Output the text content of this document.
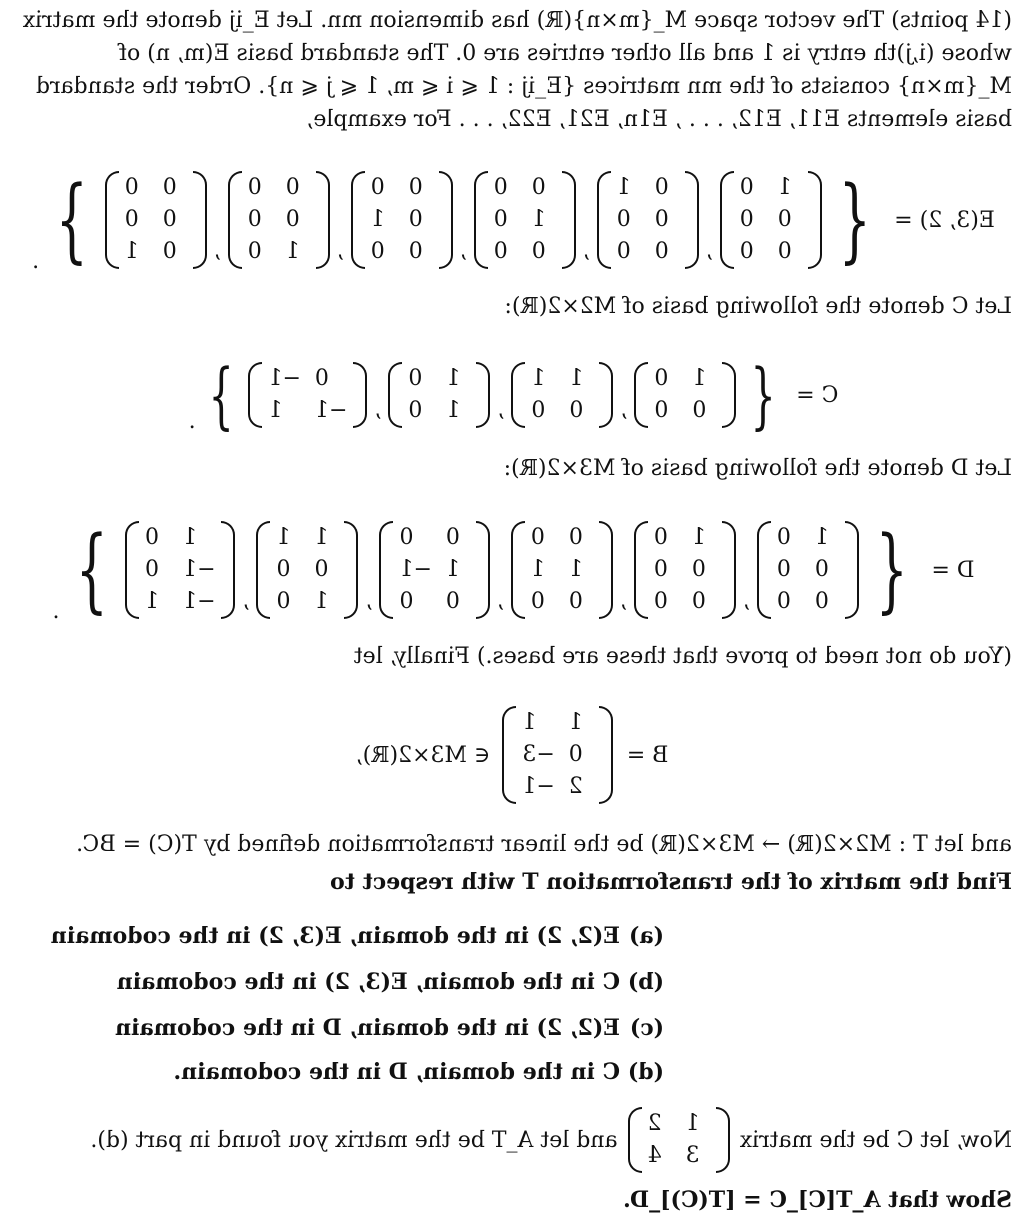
(14 points) The vector space M_{m×n}(ℝ) has dimension mn. Let E_ij denote the matrix
whose (i,j)th entry is 1 and all other entries are 0. The standard basis E(m, n) of
M_{m×n} consists of the mn matrices {E_ij : 1 ⩽ i ⩽ m, 1 ⩽ j ⩽ n}. Order the standard
basis elements E11, E12, . . . , E1n, E21, E22, . . . For example,
E(3, 2) =
{
1
0
0
0
0
0
,
0
1
0
0
0
0
,
0
0
1
0
0
0
,
0
0
0
1
0
0
,
0
0
0
0
1
0
,
0
0
0
0
0
1
}
.
Let C denote the following basis of M2×2(ℝ):
C =
{
1
0
0
0
,
1
1
0
0
,
1
0
1
0
,
0
−1
−1
1
}
.
Let D denote the following basis of M3×2(ℝ):
D =
{
1
0
0
0
0
0
,
1
0
0
0
0
0
,
0
0
1
1
0
0
,
0
0
1
−1
0
0
,
1
1
0
0
1
0
,
1
0
−1
0
−1
1
}
.
(You do not need to prove that these are bases.) Finally, let
B =
1
1
0
−3
2
−1
∈ M3×2(ℝ),
and let T : M2×2(ℝ) → M3×2(ℝ) be the linear transformation defined by T(C) = BC.
Find the matrix of the transformation T with respect to
(a)E(2, 2) in the domain, E(3, 2) in the codomain
(b)C in the domain, E(3, 2) in the codomain
(c)E(2, 2) in the domain, D in the codomain
(d)C in the domain, D in the codomain.
Now, let C be the matrix
1
2
3
4
and let A_T be the matrix you found in part (d).
Show that A_T[C]_C = [T(C)]_D.
